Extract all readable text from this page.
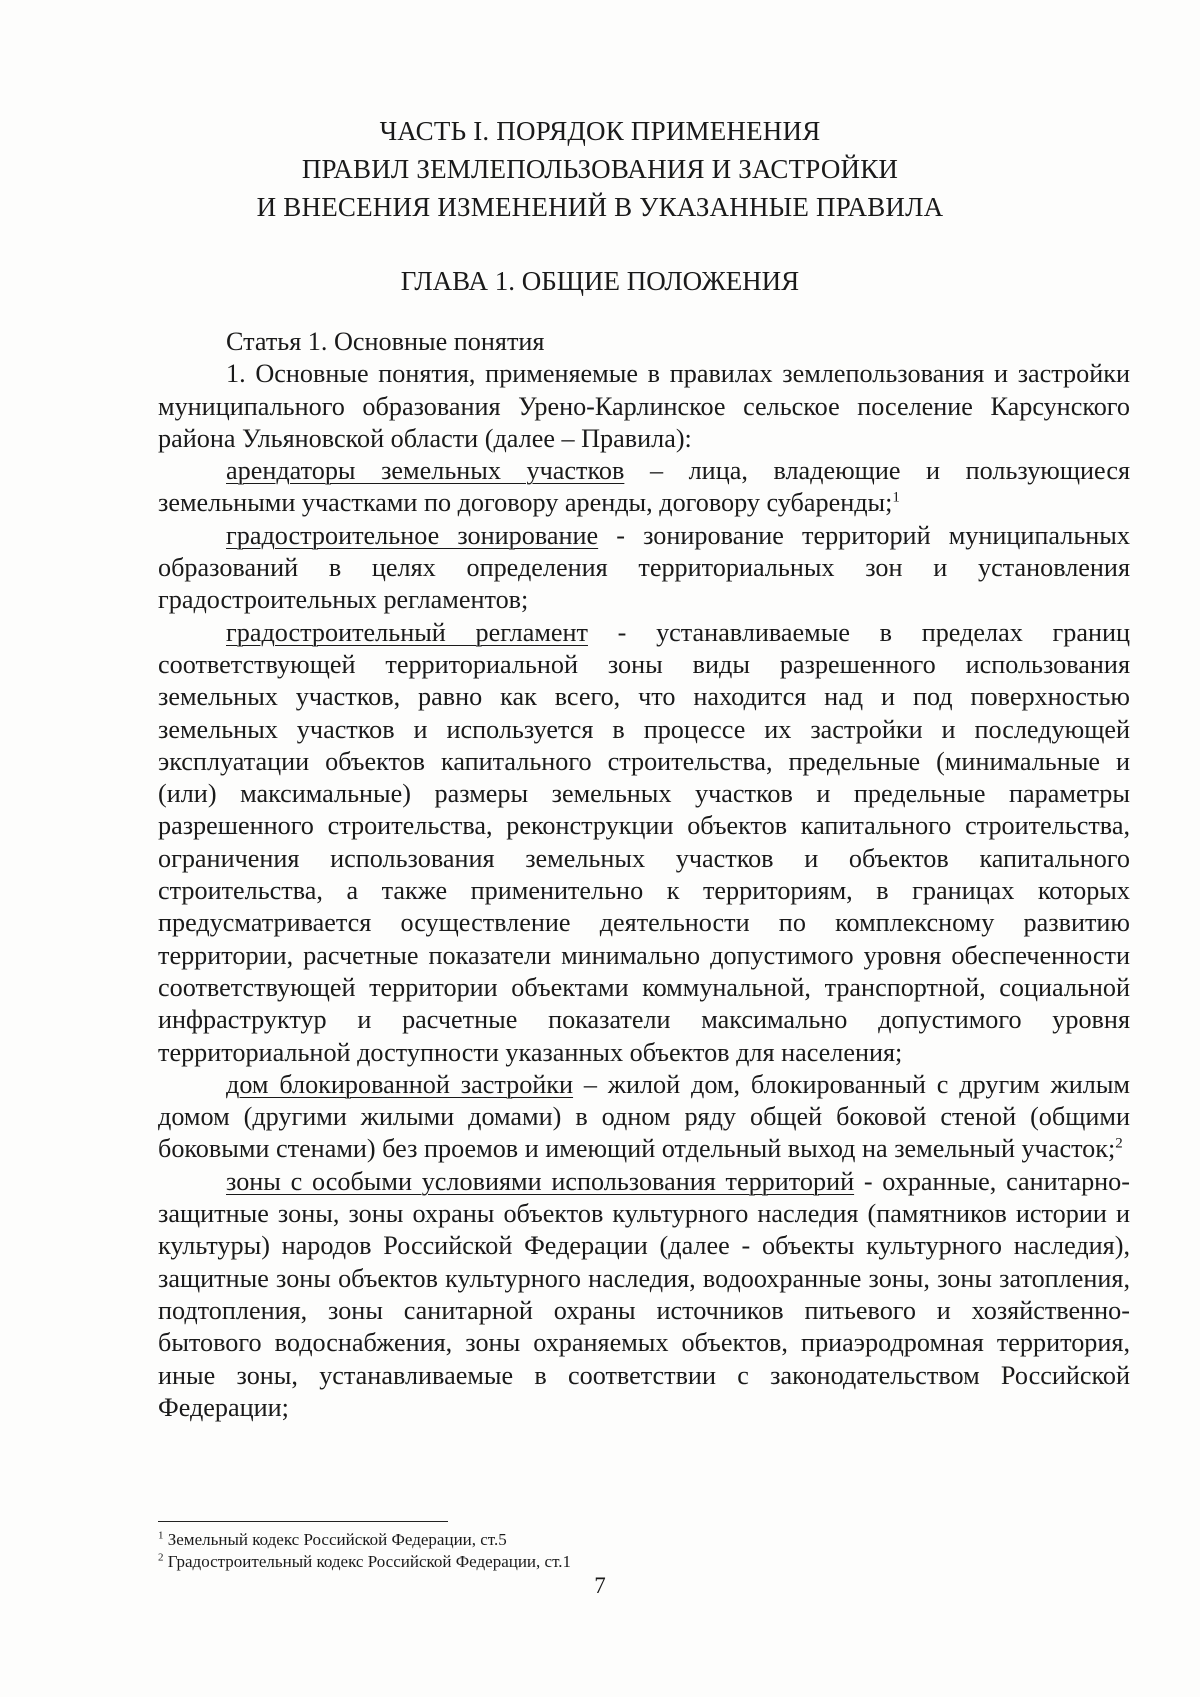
ЧАСТЬ I. ПОРЯДОК ПРИМЕНЕНИЯ
ПРАВИЛ ЗЕМЛЕПОЛЬЗОВАНИЯ И ЗАСТРОЙКИ
И ВНЕСЕНИЯ ИЗМЕНЕНИЙ В УКАЗАННЫЕ ПРАВИЛА
ГЛАВА 1. ОБЩИЕ ПОЛОЖЕНИЯ

Статья 1. Основные понятия

1. Основные понятия, применяемые в правилах землепользования и застройки муниципального образования Урено-Карлинское сельское поселение Карсунского района Ульяновской области (далее – Правила):

арендаторы земельных участков – лица, владеющие и пользующиеся земельными участками по договору аренды, договору субаренды;$^1$

градостроительное зонирование - зонирование территорий муниципальных образований в целях определения территориальных зон и установления градостроительных регламентов;

градостроительный регламент - устанавливаемые в пределах границ соответствующей территориальной зоны виды разрешенного использования земельных участков, равно как всего, что находится над и под поверхностью земельных участков и используется в процессе их застройки и последующей эксплуатации объектов капитального строительства, предельные (минимальные и (или) максимальные) размеры земельных участков и предельные параметры разрешенного строительства, реконструкции объектов капитального строительства, ограничения использования земельных участков и объектов капитального строительства, а также применительно к территориям, в границах которых предусматривается осуществление деятельности по комплексному развитию территории, расчетные показатели минимально допустимого уровня обеспеченности соответствующей территории объектами коммунальной, транспортной, социальной инфраструктур и расчетные показатели максимально допустимого уровня территориальной доступности указанных объектов для населения;

дом блокированной застройки – жилой дом, блокированный с другим жилым домом (другими жилыми домами) в одном ряду общей боковой стеной (общими боковыми стенами) без проемов и имеющий отдельный выход на земельный участок;$^2$

зоны с особыми условиями использования территорий - охранные, санитарно-защитные зоны, зоны охраны объектов культурного наследия (памятников истории и культуры) народов Российской Федерации (далее - объекты культурного наследия), защитные зоны объектов культурного наследия, водоохранные зоны, зоны затопления, подтопления, зоны санитарной охраны источников питьевого и хозяйственно-бытового водоснабжения, зоны охраняемых объектов, приаэродромная территория, иные зоны, устанавливаемые в соответствии с законодательством Российской Федерации;

$^1$ Земельный кодекс Российской Федерации, ст.5
$^2$ Градостроительный кодекс Российской Федерации, ст.1
7
